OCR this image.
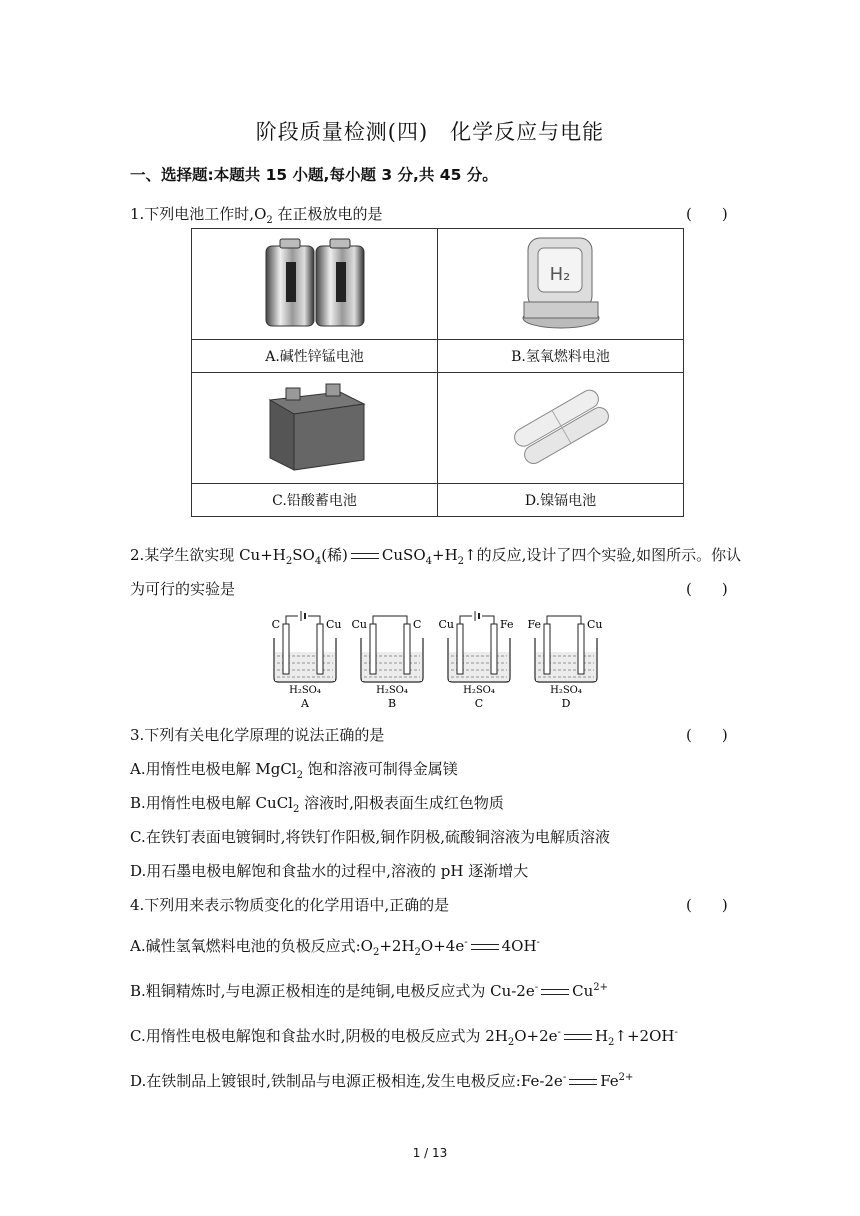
阶段质量检测(四)　化学反应与电能
一、选择题:本题共 15 小题,每小题 3 分,共 45 分。
1.下列电池工作时$,O_2$ 在正极放电的是	(　　)

H₂

A.碱性锌锰电池	B.氢氧燃料电池

C.铅酸蓄电池	D.镍镉电池
2.某学生欲实现 $Cu+H_2SO_4$(稀) $CuSO_4+H_2↑$的反应,设计了四个实验,如图所示。你认
为可行的实验是	(　　)
C	Cu
H₂SO₄
A
Cu	C
H₂SO₄
B
Cu	Fe
H₂SO₄
C
Fe	Cu
H₂SO₄
D
3.下列有关电化学原理的说法正确的是	(　　)
A.用惰性电极电解 MgCl$_2$ 饱和溶液可制得金属镁
B.用惰性电极电解 CuCl$_2$ 溶液时,阳极表面生成红色物质
C.在铁钉表面电镀铜时,将铁钉作阳极,铜作阴极,硫酸铜溶液为电解质溶液
D.用石墨电极电解饱和食盐水的过程中,溶液的 pH 逐渐增大
4.下列用来表示物质变化的化学用语中,正确的是	(　　)
A.碱性氢氧燃料电池的负极反应式$:O_2+2H_2O+4e^-$ 4OH-
B.粗铜精炼时,与电源正极相连的是纯铜,电极反应式为 Cu-2e- $Cu^{2+}$
C.用惰性电极电解饱和食盐水时,阴极的电极反应式为 $2H_2O+2e^-$ $H_2↑+2OH^-$
D.在铁制品上镀银时,铁制品与电源正极相连,发生电极反应:Fe-2e- $Fe^{2+}$
1 / 13
